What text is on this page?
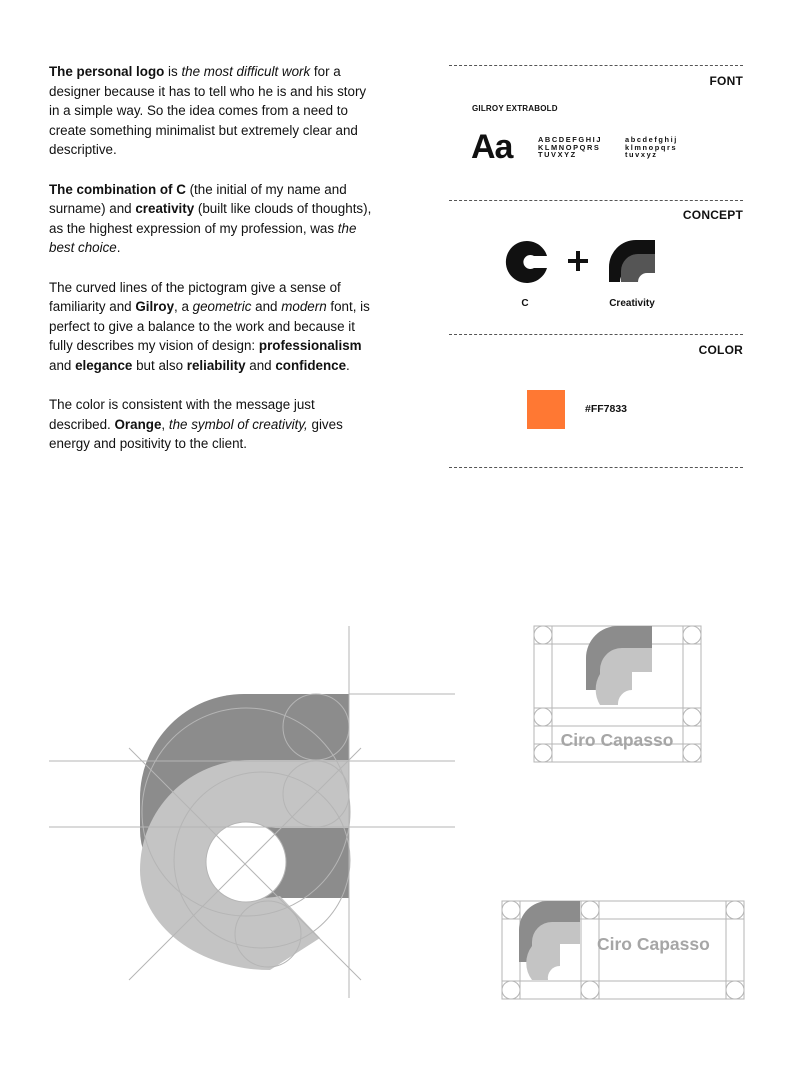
The personal logo is the most difficult work for a designer because it has to tell who he is and his story in a simple way. So the idea comes from a need to create something minimalist but extremely clear and descriptive.

The combination of C (the initial of my name and surname) and creativity (built like clouds of thoughts), as the highest expression of my profession, was the best choice.

The curved lines of the pictogram give a sense of familiarity and Gilroy, a geometric and modern font, is perfect to give a balance to the work and because it fully describes my vision of design: professionalism and elegance but also reliability and confidence.

The color is consistent with the message just described. Orange, the symbol of creativity, gives energy and positivity to the client.

FONT
GILROY EXTRABOLD
Aa	ABCDEFGHIJ
KLMNOPQRS
TUVXYZ
abcdefghij
klmnopqrs
tuvxyz
CONCEPT
C	Creativity
COLOR
#FF7833
Ciro Capasso
Ciro Capasso
